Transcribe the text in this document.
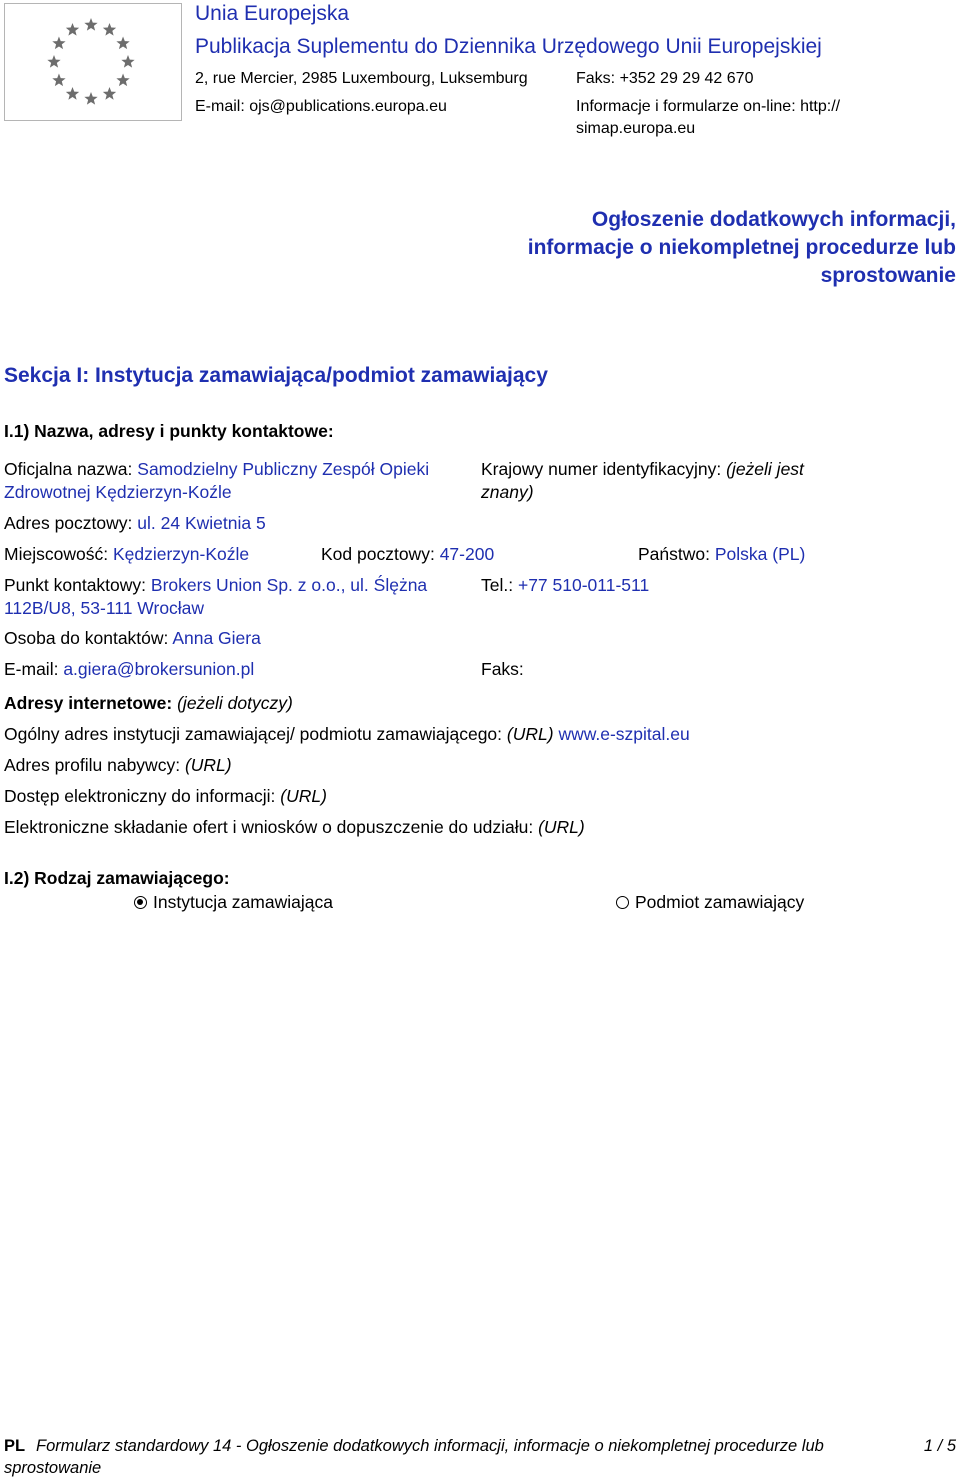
Unia Europejska
Publikacja Suplementu do Dziennika Urzędowego Unii Europejskiej
2, rue Mercier, 2985 Luxembourg, Luksemburg	Faks: +352 29 29 42 670
E-mail: ojs@publications.europa.eu	Informacje i formularze on-line: http://
simap.europa.eu
Ogłoszenie dodatkowych informacji, informacje o niekompletnej procedurze lub sprostowanie
Sekcja I: Instytucja zamawiająca/podmiot zamawiający
I.1) Nazwa, adresy i punkty kontaktowe:
Oficjalna nazwa: Samodzielny Publiczny Zespół Opieki
Zdrowotnej Kędzierzyn-Koźle
Krajowy numer identyfikacyjny: (jeżeli jest
znany)
Adres pocztowy: ul. 24 Kwietnia 5
Miejscowość: Kędzierzyn-Koźle	Kod pocztowy: 47-200	Państwo: Polska (PL)
Punkt kontaktowy: Brokers Union Sp. z o.o., ul. Ślężna
112B/U8, 53-111 Wrocław
Tel.: +77 510-011-511
Osoba do kontaktów: Anna Giera
E-mail: a.giera@brokersunion.pl	Faks:
Adresy internetowe: (jeżeli dotyczy)
Ogólny adres instytucji zamawiającej/ podmiotu zamawiającego: (URL) www.e-szpital.eu
Adres profilu nabywcy: (URL)
Dostęp elektroniczny do informacji: (URL)
Elektroniczne składanie ofert i wniosków o dopuszczenie do udziału: (URL)
I.2) Rodzaj zamawiającego:
Instytucja zamawiająca	Podmiot zamawiający
PL Formularz standardowy 14 - Ogłoszenie dodatkowych informacji, informacje o niekompletnej procedurze lub
sprostowanie
1 / 5
